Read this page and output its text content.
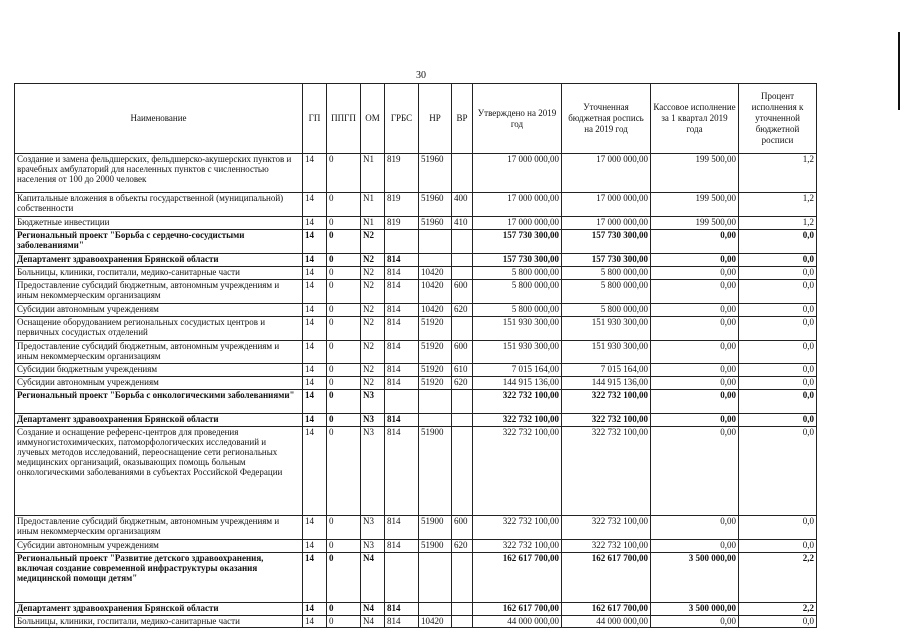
30
Наименование	ГП	ППГП	ОМ	ГРБС	НР	ВР	Утверждено на 2019 год	Уточненная бюджетная роспись на 2019 год	Кассовое исполнение за 1 квартал 2019 года	Процент исполнения к уточненной бюджетной росписи
Создание и замена фельдшерских, фельдшерско-акушерских пунктов и врачебных амбулаторий для населенных пунктов с численностью населения от 100 до 2000 человек	14	0	N1	819	51960		17 000 000,00	17 000 000,00	199 500,00	1,2
Капитальные вложения в объекты государственной (муниципальной) собственности	14	0	N1	819	51960	400	17 000 000,00	17 000 000,00	199 500,00	1,2
Бюджетные инвестиции	14	0	N1	819	51960	410	17 000 000,00	17 000 000,00	199 500,00	1,2
Региональный проект "Борьба с сердечно-сосудистыми заболеваниями"	14	0	N2				157 730 300,00	157 730 300,00	0,00	0,0
Департамент здравоохранения Брянской области	14	0	N2	814			157 730 300,00	157 730 300,00	0,00	0,0
Больницы, клиники, госпитали, медико-санитарные части	14	0	N2	814	10420		5 800 000,00	5 800 000,00	0,00	0,0
Предоставление субсидий бюджетным, автономным учреждениям и иным некоммерческим организациям	14	0	N2	814	10420	600	5 800 000,00	5 800 000,00	0,00	0,0
Субсидии автономным учреждениям	14	0	N2	814	10420	620	5 800 000,00	5 800 000,00	0,00	0,0
Оснащение оборудованием региональных сосудистых центров и первичных сосудистых отделений	14	0	N2	814	51920		151 930 300,00	151 930 300,00	0,00	0,0
Предоставление субсидий бюджетным, автономным учреждениям и иным некоммерческим организациям	14	0	N2	814	51920	600	151 930 300,00	151 930 300,00	0,00	0,0
Субсидии бюджетным учреждениям	14	0	N2	814	51920	610	7 015 164,00	7 015 164,00	0,00	0,0
Субсидии автономным учреждениям	14	0	N2	814	51920	620	144 915 136,00	144 915 136,00	0,00	0,0
Региональный проект "Борьба с онкологическими заболеваниями"	14	0	N3				322 732 100,00	322 732 100,00	0,00	0,0
Департамент здравоохранения Брянской области	14	0	N3	814			322 732 100,00	322 732 100,00	0,00	0,0
Создание и оснащение референс-центров для проведения иммуногистохимических, патоморфологических исследований и лучевых методов исследований, переоснащение сети региональных медицинских организаций, оказывающих помощь больным онкологическими заболеваниями в субъектах Российской Федерации	14	0	N3	814	51900		322 732 100,00	322 732 100,00	0,00	0,0
Предоставление субсидий бюджетным, автономным учреждениям и иным некоммерческим организациям	14	0	N3	814	51900	600	322 732 100,00	322 732 100,00	0,00	0,0
Субсидии автономным учреждениям	14	0	N3	814	51900	620	322 732 100,00	322 732 100,00	0,00	0,0
Региональный проект "Развитие детского здравоохранения, включая создание современной инфраструктуры оказания медицинской помощи детям"	14	0	N4				162 617 700,00	162 617 700,00	3 500 000,00	2,2
Департамент здравоохранения Брянской области	14	0	N4	814			162 617 700,00	162 617 700,00	3 500 000,00	2,2
Больницы, клиники, госпитали, медико-санитарные части	14	0	N4	814	10420		44 000 000,00	44 000 000,00	0,00	0,0
